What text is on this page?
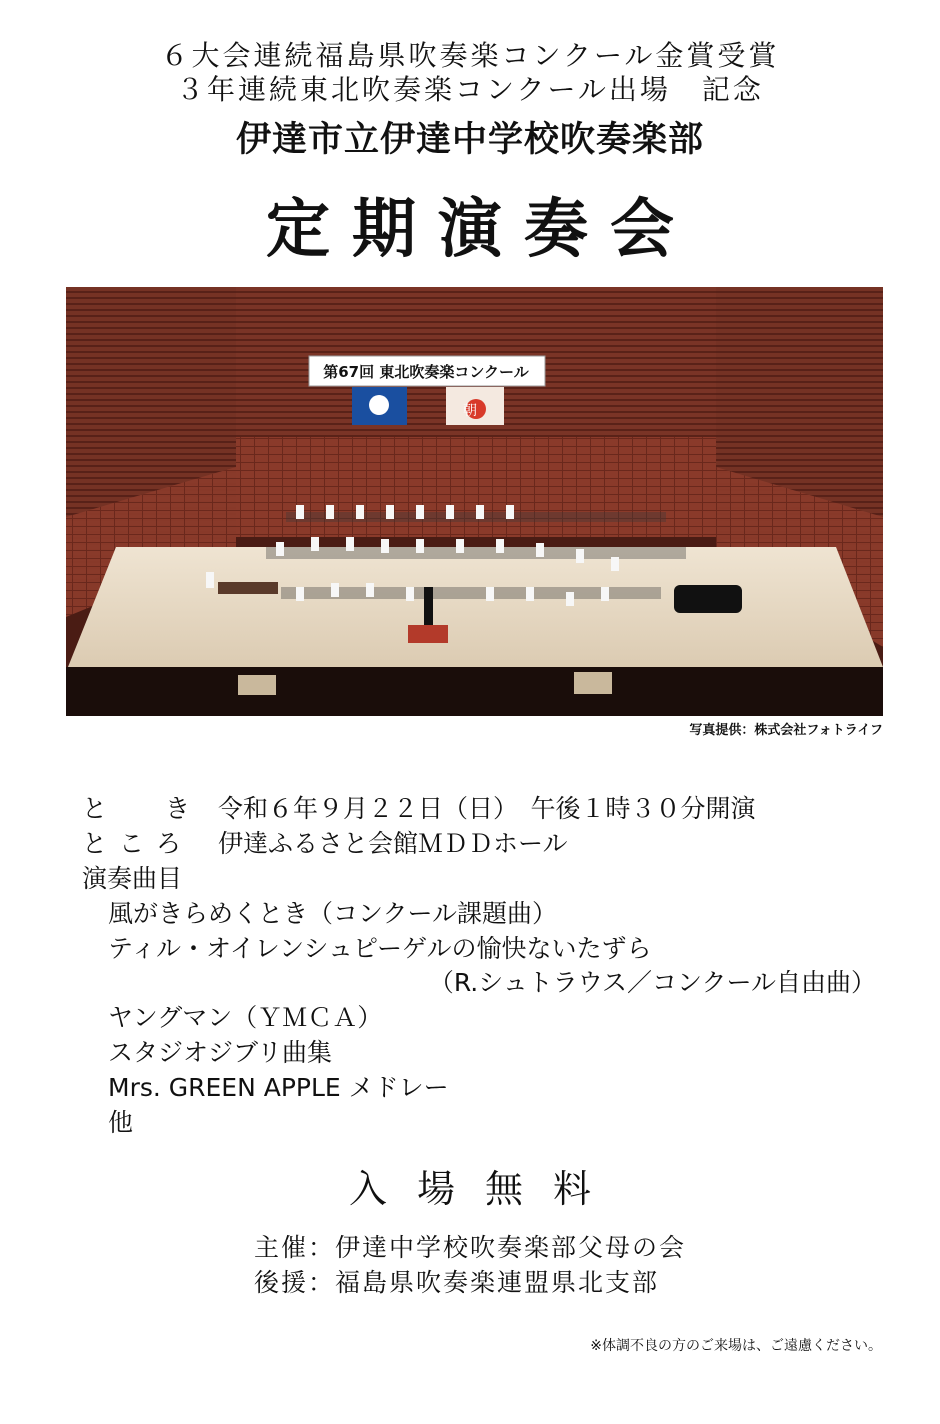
６大会連続福島県吹奏楽コンクール金賞受賞
３年連続東北吹奏楽コンクール出場　記念
伊達市立伊達中学校吹奏楽部
定期演奏会
第67回 東北吹奏楽コンクール
朝
写真提供：株式会社フォトライフ
と き 令和６年９月２２日（日）　午後１時３０分開演
ところ 伊達ふるさと会館ＭＤＤホール
演奏曲目
風がきらめくとき（コンクール課題曲）
ティル・オイレンシュピーゲルの愉快ないたずら
（R.シュトラウス／コンクール自由曲）
ヤングマン（ＹＭＣＡ）
スタジオジブリ曲集
Mrs. GREEN APPLE メドレー
他
入場無料
主催：伊達中学校吹奏楽部父母の会
後援：福島県吹奏楽連盟県北支部
※体調不良の方のご来場は、ご遠慮ください。
